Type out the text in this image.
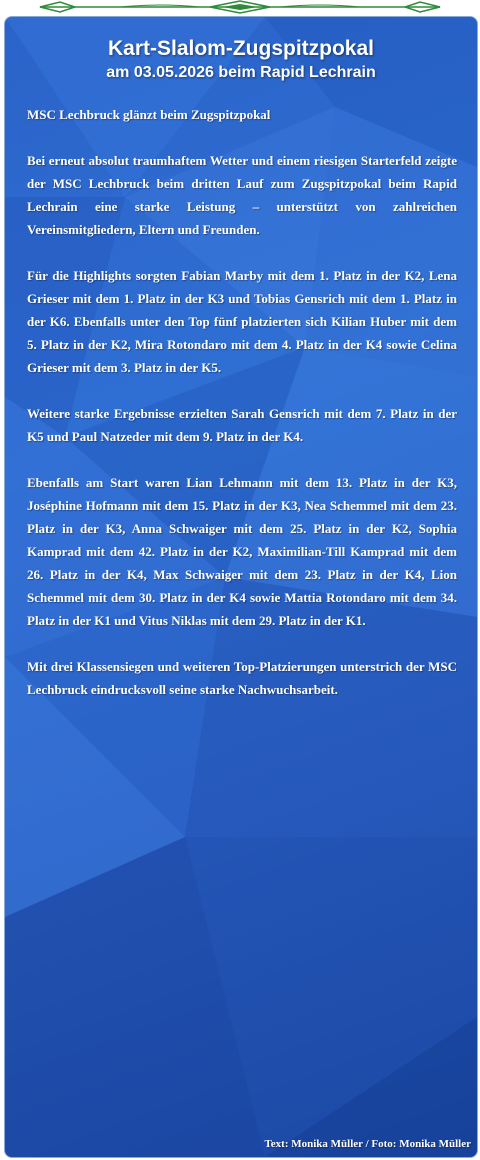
Kart-Slalom-Zugspitzpokal
am 03.05.2026 beim Rapid Lechrain

MSC Lechbruck glänzt beim Zugspitzpokal

Bei erneut absolut traumhaftem Wetter und einem riesigen Starterfeld zeigte der MSC Lechbruck beim dritten Lauf zum Zugspitzpokal beim Rapid Lechrain eine starke Leistung – unterstützt von zahlreichen Vereinsmitgliedern, Eltern und Freunden.

Für die Highlights sorgten Fabian Marby mit dem 1. Platz in der K2, Lena Grieser mit dem 1. Platz in der K3 und Tobias Gensrich mit dem 1. Platz in der K6. Ebenfalls unter den Top fünf platzierten sich Kilian Huber mit dem 5. Platz in der K2, Mira Rotondaro mit dem 4. Platz in der K4 sowie Celina Grieser mit dem 3. Platz in der K5.

Weitere starke Ergebnisse erzielten Sarah Gensrich mit dem 7. Platz in der K5 und Paul Natzeder mit dem 9. Platz in der K4.

Ebenfalls am Start waren Lian Lehmann mit dem 13. Platz in der K3, Joséphine Hofmann mit dem 15. Platz in der K3, Nea Schemmel mit dem 23. Platz in der K3, Anna Schwaiger mit dem 25. Platz in der K2, Sophia Kamprad mit dem 42. Platz in der K2, Maximilian-Till Kamprad mit dem 26. Platz in der K4, Max Schwaiger mit dem 23. Platz in der K4, Lion Schemmel mit dem 30. Platz in der K4 sowie Mattia Rotondaro mit dem 34. Platz in der K1 und Vitus Niklas mit dem 29. Platz in der K1.

Mit drei Klassensiegen und weiteren Top-Platzierungen unterstrich der MSC Lechbruck eindrucksvoll seine starke Nachwuchsarbeit.

Text: Monika Müller / Foto: Monika Müller
